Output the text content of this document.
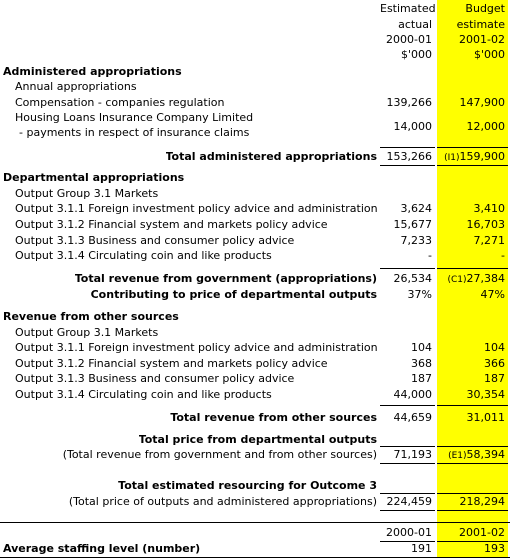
Estimated	Budget
actual	estimate
2000-01	2001-02
$'000	$'000
Administered appropriations
Annual appropriations
Compensation - companies regulation	139,266	147,900
Housing Loans Insurance Company Limited
- payments in respect of insurance claims	14,000	12,000
Total administered appropriations 153,266	(I1)159,900
Departmental appropriations
Output Group 3.1 Markets
Output 3.1.1 Foreign investment policy advice and administration	3,624	3,410
Output 3.1.2 Financial system and markets policy advice	15,677	16,703
Output 3.1.3 Business and consumer policy advice	7,233	7,271
Output 3.1.4 Circulating coin and like products	-	-
Total revenue from government (appropriations)	26,534	(C1)27,384
Contributing to price of departmental outputs	37%	47%
Revenue from other sources
Output Group 3.1 Markets
Output 3.1.1 Foreign investment policy advice and administration	104	104
Output 3.1.2 Financial system and markets policy advice	368	366
Output 3.1.3 Business and consumer policy advice	187	187
Output 3.1.4 Circulating coin and like products	44,000	30,354
Total revenue from other sources	44,659	31,011
Total price from departmental outputs
(Total revenue from government and from other sources)	71,193	(E1)58,394
Total estimated resourcing for Outcome 3
(Total price of outputs and administered appropriations) 224,459	218,294
2000-01	2001-02
Average staffing level (number)	191	193
